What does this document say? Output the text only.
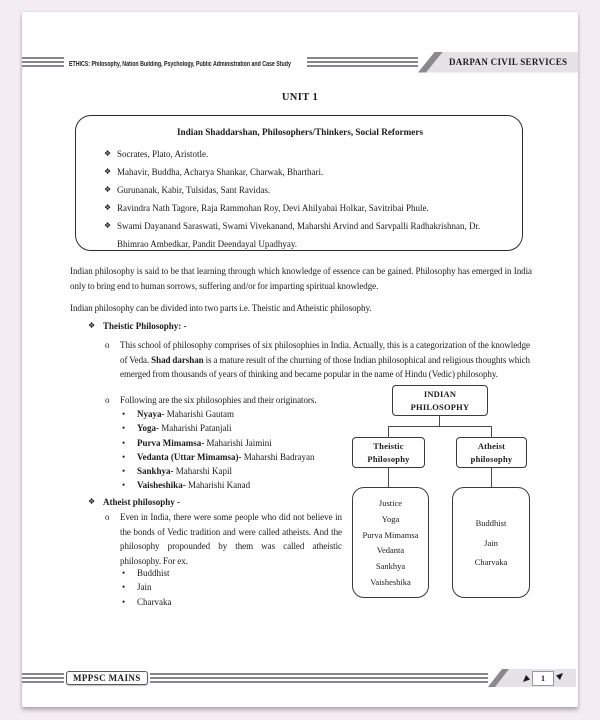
ETHICS: Philosophy, Nation Building, Psychology, Public Administration and Case Study	DARPAN CIVIL SERVICES
UNIT 1
Indian Shaddarshan, Philosophers/Thinkers, Social Reformers
❖ Socrates, Plato, Aristotle.
❖ Mahavir, Buddha, Acharya Shankar, Charwak, Bharthari.
❖ Gurunanak, Kabir, Tulsidas, Sant Ravidas.
❖ Ravindra Nath Tagore, Raja Rammohan Roy, Devi Ahilyabai Holkar, Savitribai Phule.
❖ Swami Dayanand Saraswati, Swami Vivekanand, Maharshi Arvind and Sarvpalli Radhakrishnan, Dr. Bhimrao Ambedkar, Pandit Deendayal Upadhyay.

Indian philosophy is said to be that learning through which knowledge of essence can be gained. Philosophy has emerged in India only to bring end to human sorrows, suffering and/or for imparting spiritual knowledge.

Indian philosophy can be divided into two parts i.e. Theistic and Atheistic philosophy.

❖ Theistic Philosophy: -
o	This school of philosophy comprises of six philosophies in India. Actually, this is a categorization of the knowledge of Veda. Shad darshan is a mature result of the churning of those Indian philosophical and religious thoughts which emerged from thousands of years of thinking and became popular in the name of Hindu (Vedic) philosophy.
o	Following are the six philosophies and their originators.
•	Nyaya- Maharishi Gautam
•	Yoga- Maharishi Patanjali
•	Purva Mimamsa- Maharishi Jaimini
•	Vedanta (Uttar Mimamsa)- Maharshi Badrayan
•	Sankhya- Maharshi Kapil
•	Vaisheshika- Maharishi Kanad
❖ Atheist philosophy -
o	Even in India, there were some people who did not believe in the bonds of Vedic tradition and were called atheists. And the philosophy propounded by them was called atheistic philosophy. For ex.
•	Buddhist
•	Jain
•	Charvaka
INDIAN PHILOSOPHY
Theistic Philosophy
Atheist philosophy
Justice
Yoga
Purva Mimamsa
Vedanta
Sankhya
Vaisheshika
Buddhist
Jain
Charvaka
MPPSC MAINS	1
